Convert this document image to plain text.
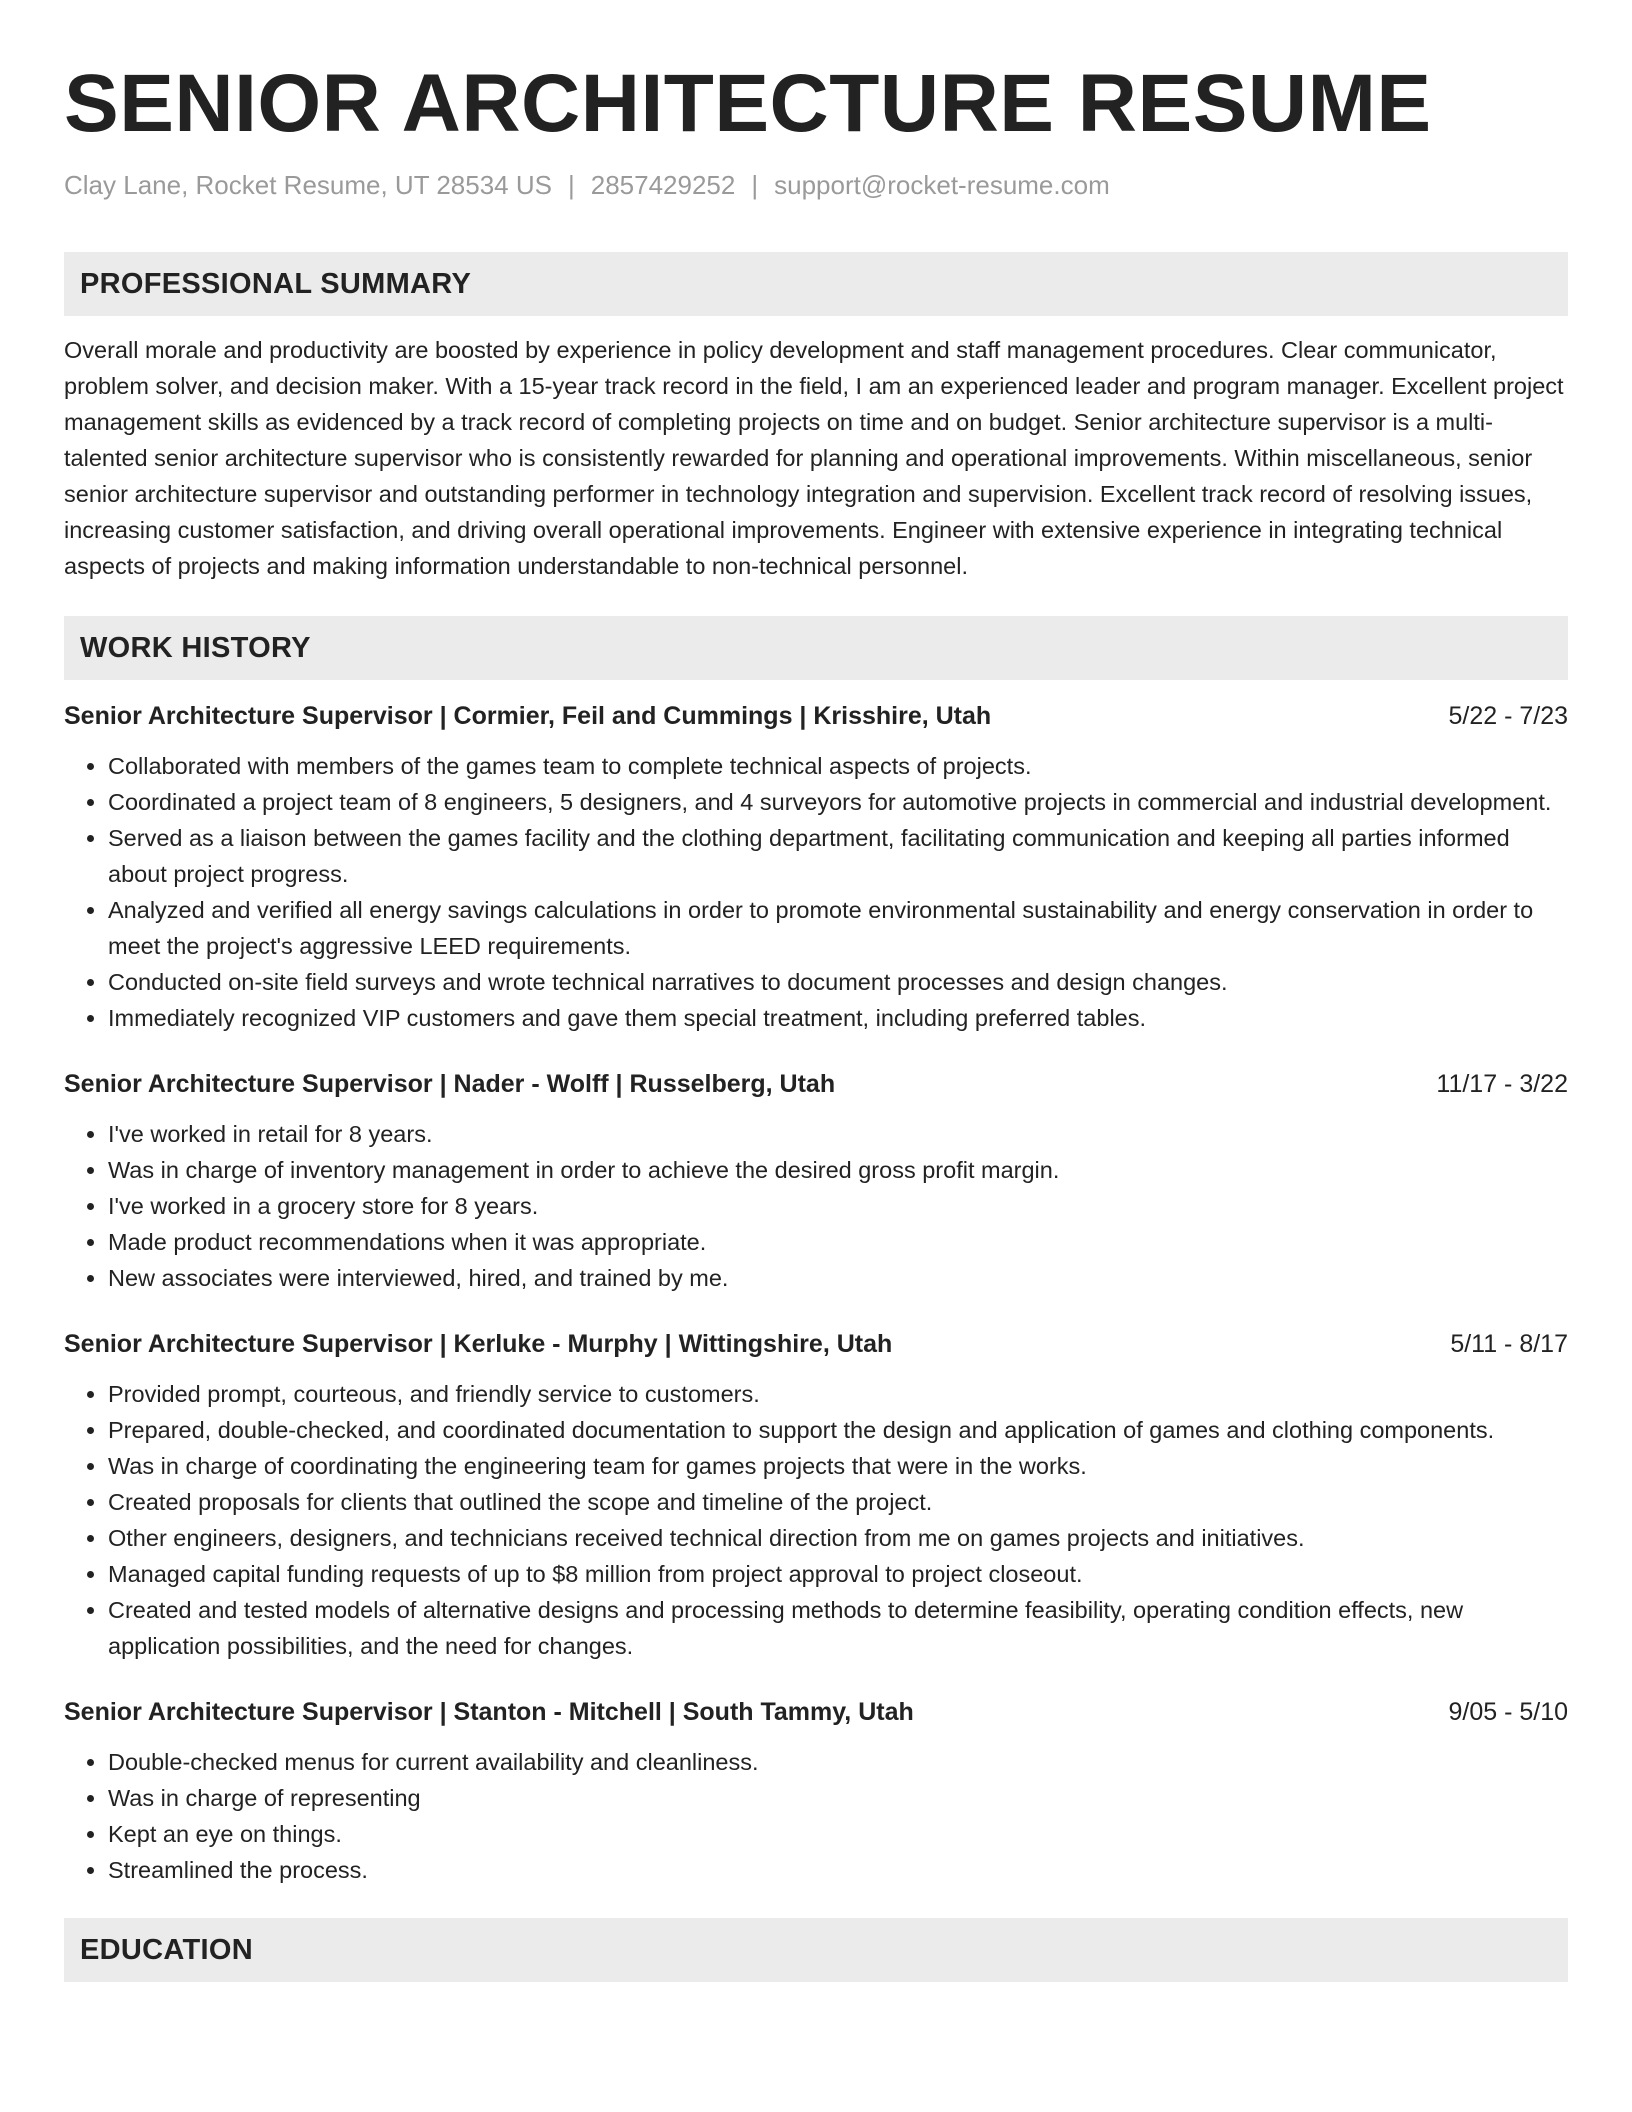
SENIOR ARCHITECTURE RESUME
Clay Lane, Rocket Resume, UT 28534 US | 2857429252 | support@rocket-resume.com
PROFESSIONAL SUMMARY

Overall morale and productivity are boosted by experience in policy development and staff management procedures. Clear communicator, problem solver, and decision maker. With a 15-year track record in the field, I am an experienced leader and program manager. Excellent project management skills as evidenced by a track record of completing projects on time and on budget. Senior architecture supervisor is a multi-talented senior architecture supervisor who is consistently rewarded for planning and operational improvements. Within miscellaneous, senior senior architecture supervisor and outstanding performer in technology integration and supervision. Excellent track record of resolving issues, increasing customer satisfaction, and driving overall operational improvements. Engineer with extensive experience in integrating technical aspects of projects and making information understandable to non-technical personnel.

WORK HISTORY
Senior Architecture Supervisor | Cormier, Feil and Cummings | Krisshire, Utah	5/22 - 7/23
• Collaborated with members of the games team to complete technical aspects of projects.
• Coordinated a project team of 8 engineers, 5 designers, and 4 surveyors for automotive projects in commercial and industrial development.
• Served as a liaison between the games facility and the clothing department, facilitating communication and keeping all parties informed about project progress.
• Analyzed and verified all energy savings calculations in order to promote environmental sustainability and energy conservation in order to meet the project's aggressive LEED requirements.
• Conducted on-site field surveys and wrote technical narratives to document processes and design changes.
• Immediately recognized VIP customers and gave them special treatment, including preferred tables.
Senior Architecture Supervisor | Nader - Wolff | Russelberg, Utah	11/17 - 3/22
• I've worked in retail for 8 years.
• Was in charge of inventory management in order to achieve the desired gross profit margin.
• I've worked in a grocery store for 8 years.
• Made product recommendations when it was appropriate.
• New associates were interviewed, hired, and trained by me.
Senior Architecture Supervisor | Kerluke - Murphy | Wittingshire, Utah	5/11 - 8/17
• Provided prompt, courteous, and friendly service to customers.
• Prepared, double-checked, and coordinated documentation to support the design and application of games and clothing components.
• Was in charge of coordinating the engineering team for games projects that were in the works.
• Created proposals for clients that outlined the scope and timeline of the project.
• Other engineers, designers, and technicians received technical direction from me on games projects and initiatives.
• Managed capital funding requests of up to $8 million from project approval to project closeout.
• Created and tested models of alternative designs and processing methods to determine feasibility, operating condition effects, new application possibilities, and the need for changes.
Senior Architecture Supervisor | Stanton - Mitchell | South Tammy, Utah	9/05 - 5/10
• Double-checked menus for current availability and cleanliness.
• Was in charge of representing
• Kept an eye on things.
• Streamlined the process.
EDUCATION
